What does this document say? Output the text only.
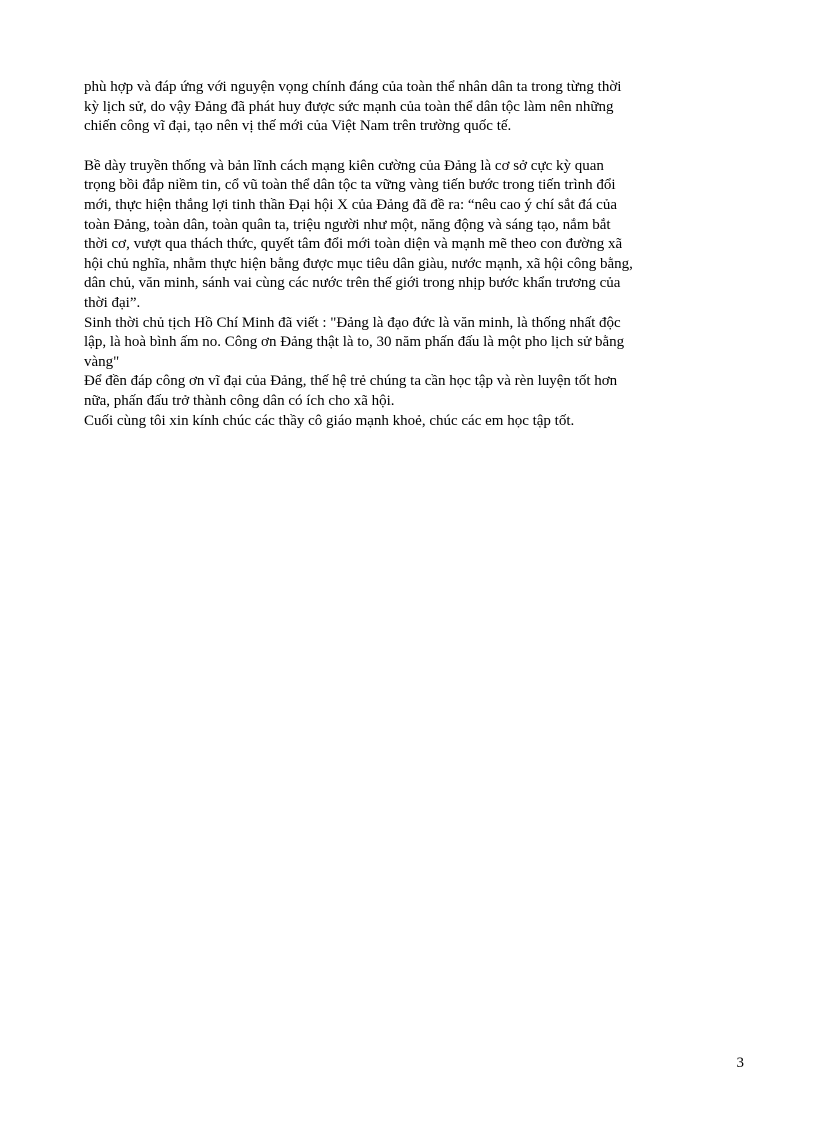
phù hợp và đáp ứng với nguyện vọng chính đáng của toàn thể nhân dân ta trong từng thời
kỳ lịch sử, do vậy Đảng đã phát huy được sức mạnh của toàn thể dân tộc làm nên những
chiến công vĩ đại, tạo nên vị thế mới của Việt Nam trên trường quốc tế.
Bề dày truyền thống và bản lĩnh cách mạng kiên cường của Đảng là cơ sở cực kỳ quan
trọng bồi đắp niềm tin, cổ vũ toàn thể dân tộc ta vững vàng tiến bước trong tiến trình đổi
mới, thực hiện thắng lợi tinh thần Đại hội X của Đảng đã đề ra: “nêu cao ý chí sắt đá của
toàn Đảng, toàn dân, toàn quân ta, triệu người như một, năng động và sáng tạo, nắm bắt
thời cơ, vượt qua thách thức, quyết tâm đổi mới toàn diện và mạnh mẽ theo con đường xã
hội chủ nghĩa, nhằm thực hiện bằng được mục tiêu dân giàu, nước mạnh, xã hội công bằng,
dân chủ, văn minh, sánh vai cùng các nước trên thế giới trong nhịp bước khẩn trương của
thời đại”.
Sinh thời chủ tịch Hồ Chí Minh đã viết : "Đảng là đạo đức là văn minh, là thống nhất độc
lập, là hoà bình ấm no. Công ơn Đảng thật là to, 30 năm phấn đấu là một pho lịch sử bằng
vàng"
Để đền đáp công ơn vĩ đại của Đảng, thế hệ trẻ chúng ta cần học tập và rèn luyện tốt hơn
nữa, phấn đấu trở thành công dân có ích cho xã hội.
Cuối cùng tôi xin kính chúc các thầy cô giáo mạnh khoẻ, chúc các em học tập tốt.
3
